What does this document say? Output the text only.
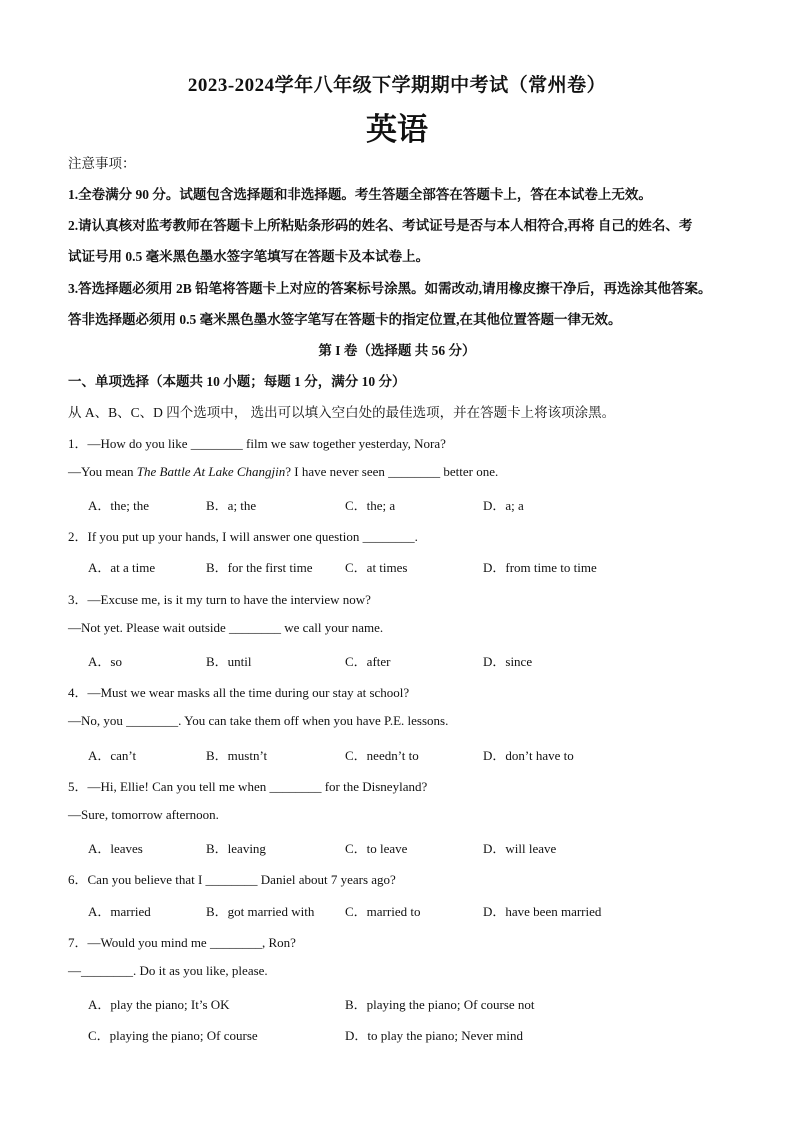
2023-2024学年八年级下学期期中考试（常州卷）
英语
注意事项：
1.全卷满分 90 分。试题包含选择题和非选择题。考生答题全部答在答题卡上，答在本试卷上无效。
2.请认真核对监考教师在答题卡上所粘贴条形码的姓名、考试证号是否与本人相符合,再将 自己的姓名、考
试证号用 0.5 毫米黑色墨水签字笔填写在答题卡及本试卷上。
3.答选择题必须用 2B 铅笔将答题卡上对应的答案标号涂黑。如需改动,请用橡皮擦干净后，再选涂其他答案。
答非选择题必须用 0.5 毫米黑色墨水签字笔写在答题卡的指定位置,在其他位置答题一律无效。
第 I 卷（选择题 共 56 分）
一、单项选择（本题共 10 小题；每题 1 分，满分 10 分）
从 A、B、C、D 四个选项中， 选出可以填入空白处的最佳选项，并在答题卡上将该项涂黑。
1．—How do you like ________ film we saw together yesterday, Nora?
—You mean The Battle At Lake Changjin? I have never seen ________ better one.
A．the; the	B．a; the	C．the; a	D．a; a
2．If you put up your hands, I will answer one question ________.
A．at a time	B．for the first time C．at times	D．from time to time
3．—Excuse me, is it my turn to have the interview now?
—Not yet. Please wait outside ________ we call your name.
A．so	B．until	C．after	D．since
4．—Must we wear masks all the time during our stay at school?
—No, you ________. You can take them off when you have P.E. lessons.
A．can’t	B．mustn’t	C．needn’t to	D．don’t have to
5．—Hi, Ellie! Can you tell me when ________ for the Disneyland?
—Sure, tomorrow afternoon.
A．leaves	B．leaving	C．to leave	D．will leave
6．Can you believe that I ________ Daniel about 7 years ago?
A．married	B．got married with C．married to	D．have been married
7．—Would you mind me ________, Ron?
—________. Do it as you like, please.
A．play the piano; It’s OK	B．playing the piano; Of course not
C．playing the piano; Of course	D．to play the piano; Never mind
